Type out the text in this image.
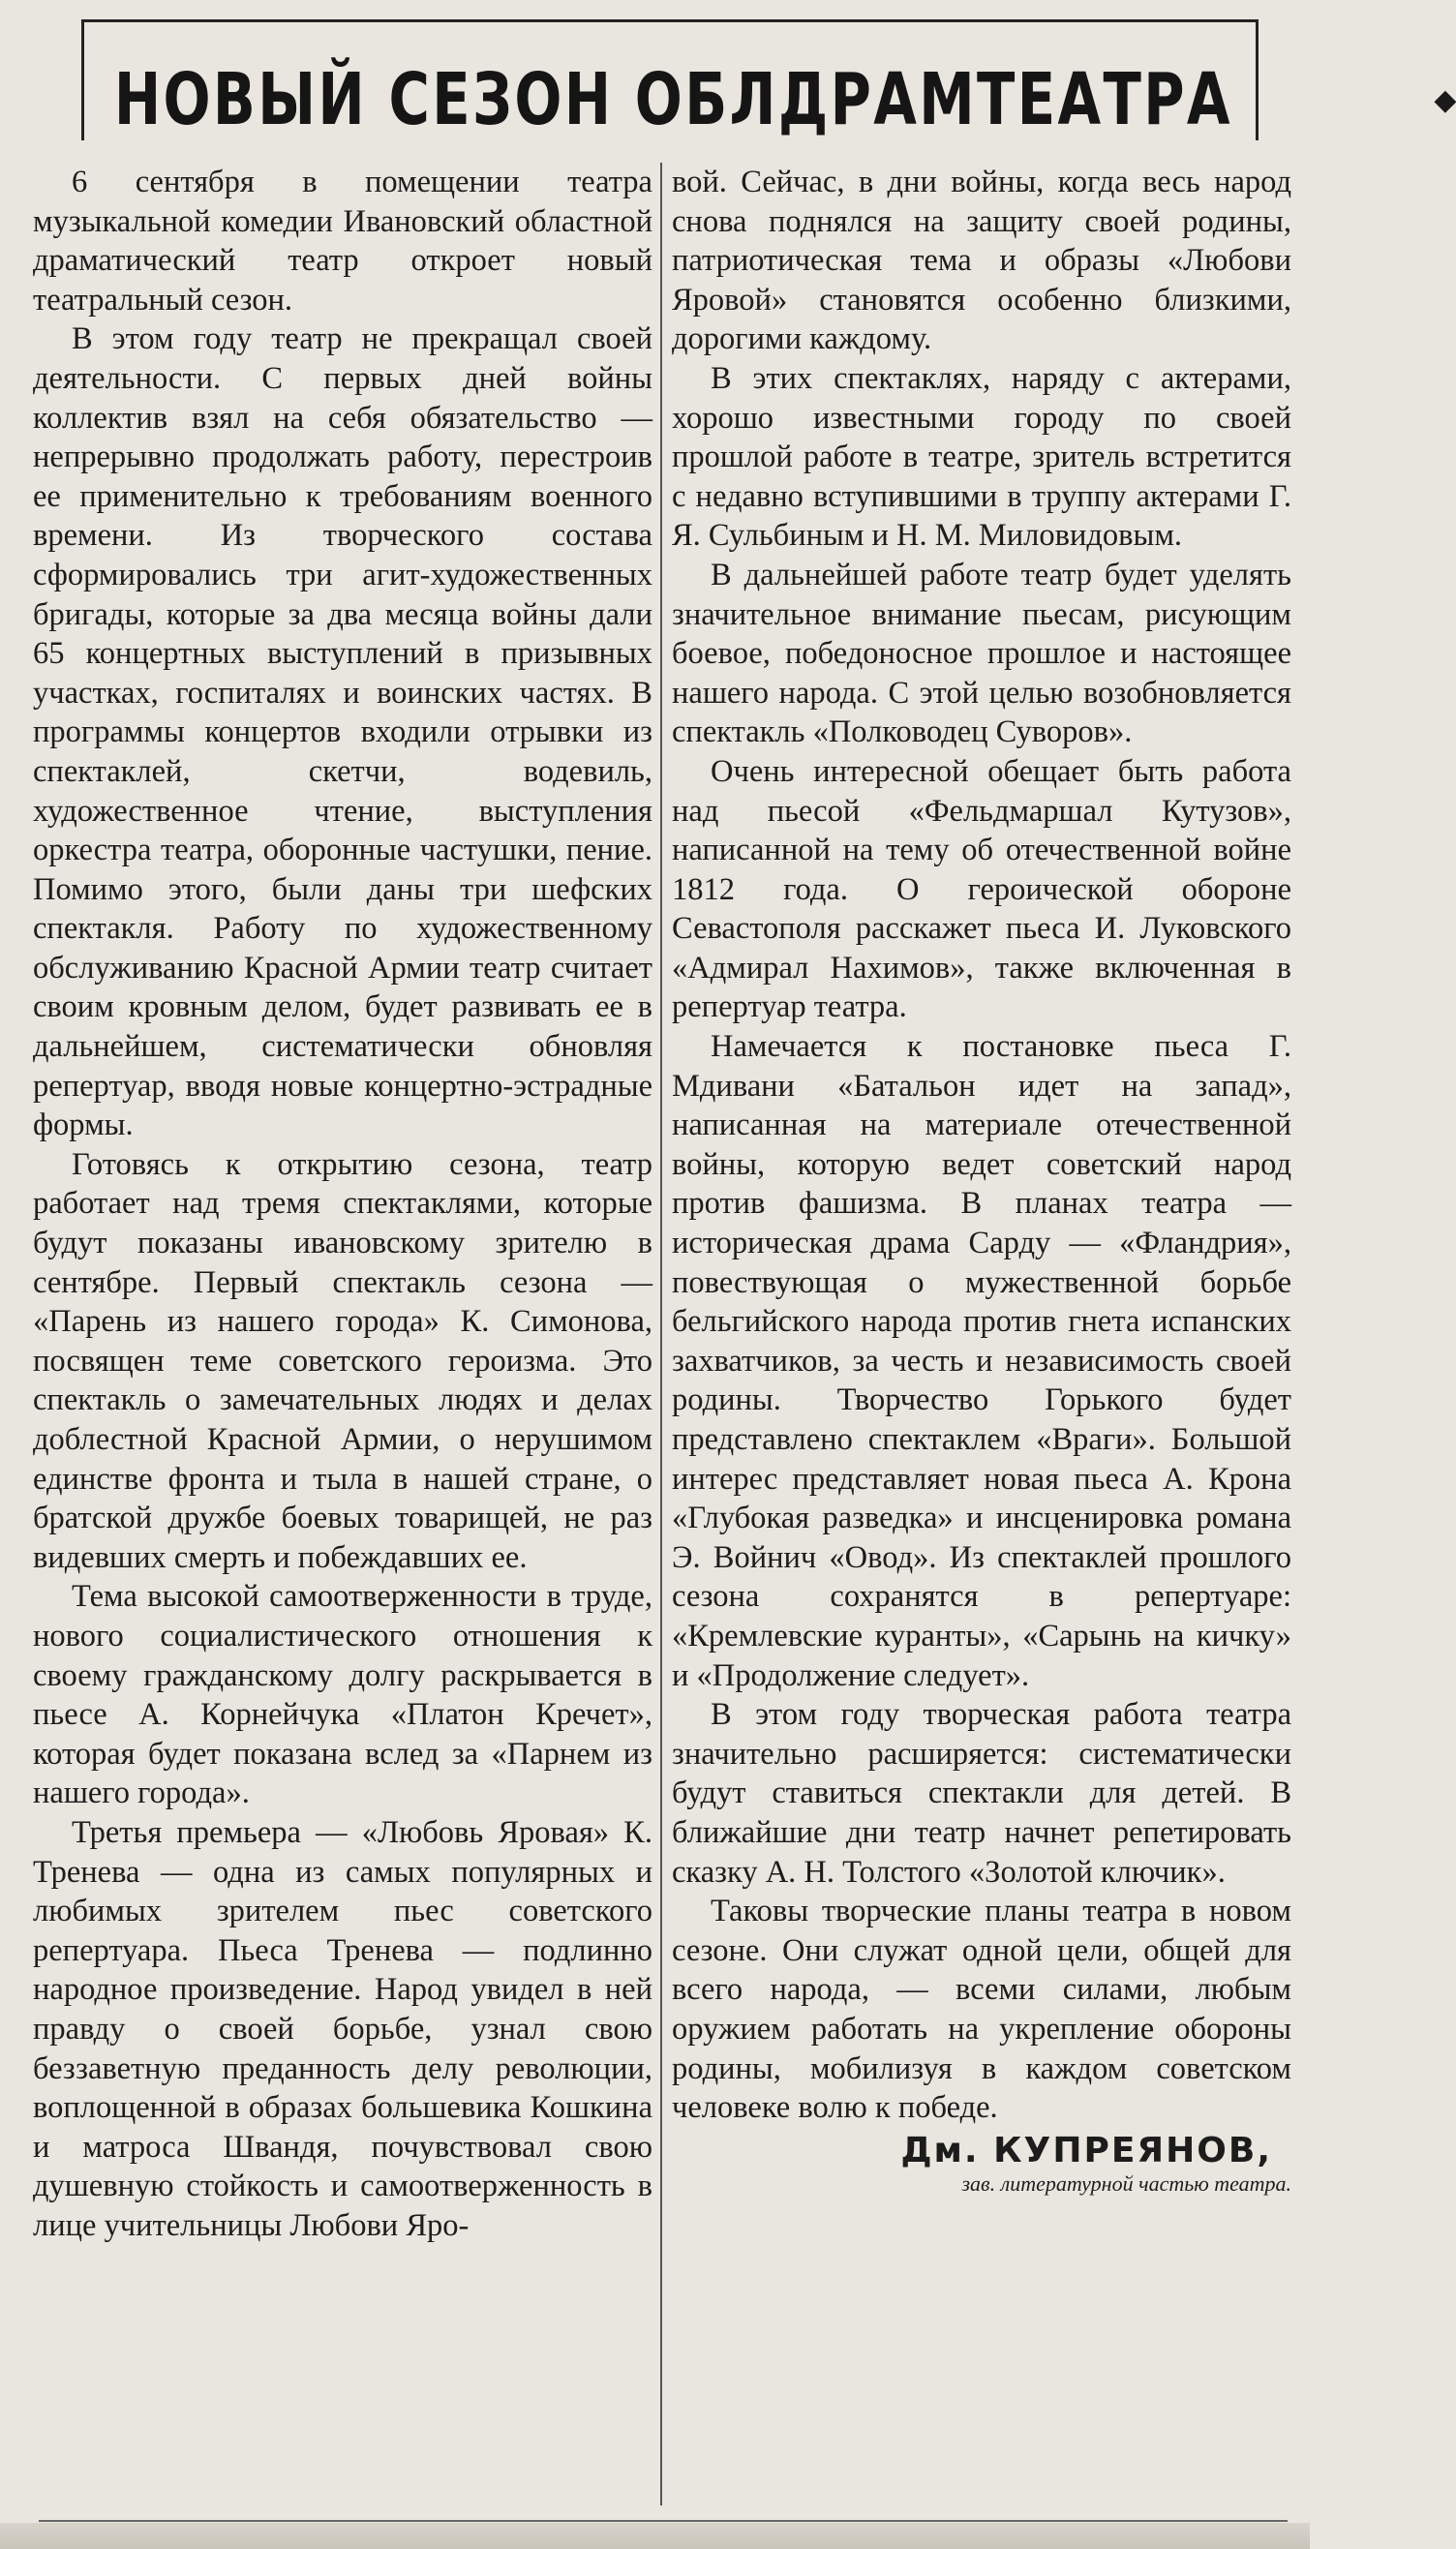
НОВЫЙ СЕЗОН ОБЛДРАМТЕАТРА	◆

6 сентября в помещении театра музыкальной комедии Ивановский областной драматический театр откроет новый театральный сезон.

В этом году театр не прекращал своей деятельности. С первых дней войны коллектив взял на себя обязательство — непрерывно продолжать работу, перестроив ее применительно к требованиям военного времени. Из творческого состава сформировались три агит-художественных бригады, которые за два месяца войны дали 65 концертных выступлений в призывных участках, госпиталях и воинских частях. В программы концертов входили отрывки из спектаклей, скетчи, водевиль, художественное чтение, выступления оркестра театра, оборонные частушки, пение. Помимо этого, были даны три шефских спектакля. Работу по художественному обслуживанию Красной Армии театр считает своим кровным делом, будет развивать ее в дальнейшем, систематически обновляя репертуар, вводя новые концертно-эстрадные формы.

Готовясь к открытию сезона, театр работает над тремя спектаклями, которые будут показаны ивановскому зрителю в сентябре. Первый спектакль сезона — «Парень из нашего города» К. Симонова, посвящен теме советского героизма. Это спектакль о замечательных людях и делах доблестной Красной Армии, о нерушимом единстве фронта и тыла в нашей стране, о братской дружбе боевых товарищей, не раз видевших смерть и побеждавших ее.

Тема высокой самоотверженности в труде, нового социалистического отношения к своему гражданскому долгу раскрывается в пьесе А. Корнейчука «Платон Кречет», которая будет показана вслед за «Парнем из нашего города».

Третья премьера — «Любовь Яровая» К. Тренева — одна из самых популярных и любимых зрителем пьес советского репертуара. Пьеса Тренева — подлинно народное произведение. Народ увидел в ней правду о своей борьбе, узнал свою беззаветную преданность делу революции, воплощенной в образах большевика Кошкина и матроса Швандя, почувствовал свою душевную стойкость и самоотверженность в лице учительницы Любови Яро-

вой. Сейчас, в дни войны, когда весь народ снова поднялся на защиту своей родины, патриотическая тема и образы «Любови Яровой» становятся особенно близкими, дорогими каждому.

В этих спектаклях, наряду с актерами, хорошо известными городу по своей прошлой работе в театре, зритель встретится с недавно вступившими в труппу актерами Г. Я. Сульбиным и Н. М. Миловидовым.

В дальнейшей работе театр будет уделять значительное внимание пьесам, рисующим боевое, победоносное прошлое и настоящее нашего народа. С этой целью возобновляется спектакль «Полководец Суворов».

Очень интересной обещает быть работа над пьесой «Фельдмаршал Кутузов», написанной на тему об отечественной войне 1812 года. О героической обороне Севастополя расскажет пьеса И. Луковского «Адмирал Нахимов», также включенная в репертуар театра.

Намечается к постановке пьеса Г. Мдивани «Батальон идет на запад», написанная на материале отечественной войны, которую ведет советский народ против фашизма. В планах театра — историческая драма Сарду — «Фландрия», повествующая о мужественной борьбе бельгийского народа против гнета испанских захватчиков, за честь и независимость своей родины. Творчество Горького будет представлено спектаклем «Враги». Большой интерес представляет новая пьеса А. Крона «Глубокая разведка» и инсценировка романа Э. Войнич «Овод». Из спектаклей прошлого сезона сохранятся в репертуаре: «Кремлевские куранты», «Сарынь на кичку» и «Продолжение следует».

В этом году творческая работа театра значительно расширяется: систематически будут ставиться спектакли для детей. В ближайшие дни театр начнет репетировать сказку А. Н. Толстого «Золотой ключик».

Таковы творческие планы театра в новом сезоне. Они служат одной цели, общей для всего народа, — всеми силами, любым оружием работать на укрепление обороны родины, мобилизуя в каждом советском человеке волю к победе.

Дм. КУПРЕЯНОВ,
зав. литературной частью театра.
